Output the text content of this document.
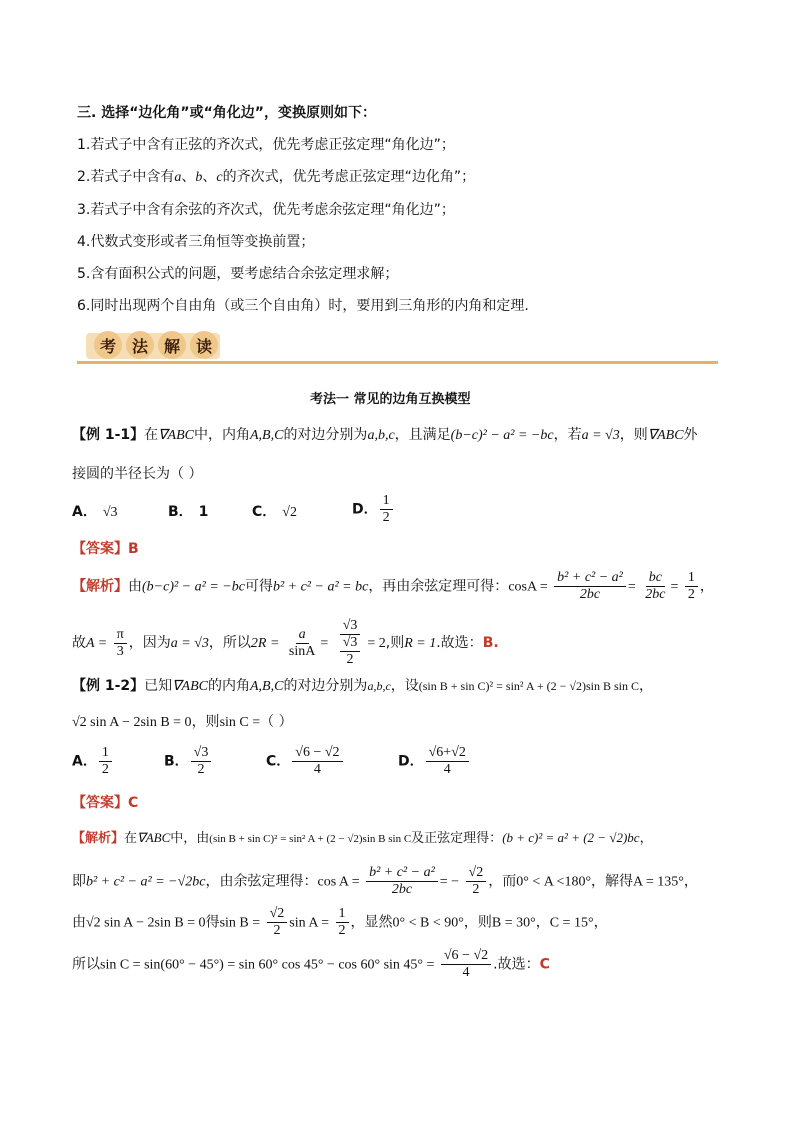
三. 选择“边化角”或“角化边”，变换原则如下：
1.若式子中含有正弦的齐次式，优先考虑正弦定理“角化边”；
2.若式子中含有a、b、c的齐次式，优先考虑正弦定理“边化角”；
3.若式子中含有余弦的齐次式，优先考虑余弦定理“角化边”；
4.代数式变形或者三角恒等变换前置；
5.含有面积公式的问题，要考虑结合余弦定理求解；
6.同时出现两个自由角（或三个自由角）时，要用到三角形的内角和定理.
考 法 解 读
考法一 常见的边角互换模型
【例 1-1】在∇ABC中，内角A,B,C的对边分别为a,b,c，且满足(b−c)² − a² = −bc，若a = √3，则∇ABC外
接圆的半径长为（ ）
A． √3	B． 1	C． √2	D． $\frac{1}{2}$
【答案】B
【解析】由(b−c)² − a² = −bc可得b² + c² − a² = bc，再由余弦定理可得：$\cos A = \frac{\text{b² + c² − a²}}{2bc} = \frac{bc}{2bc} = \frac{1}{2}$ ，
故$A = \frac{\pi}{3}$ ，因为a = √3，所以$2R = \frac{a}{\sin A} = \frac{√3}{\frac{√3}{2}} = 2$,则R = 1.故选：B.
【例 1-2】已知∇ABC的内角A,B,C的对边分别为a,b,c，设(sin B + sin C)² = sin² A + (2 − √2)sin B sin C，
√2 sin A − 2sin B = 0，则sin C =（ ）
A． $\frac{1}{2}$	B． $\frac{√3}{2}$	C． $\frac{√6 - √2}{4}$	D． $\frac{√6+√2}{4}$
【答案】C
【解析】在∇ABC中，由(sin B + sin C)² = sin² A + (2 − √2)sin B sin C及正弦定理得：(b + c)² = a² + (2 − √2)bc，
即b² + c² − a² = −√2bc，由余弦定理得：$\cos A = \frac{\text{b² + c² − a²}}{2bc}$ = − $\frac{√2}{2}$ ，而0° < A <180°，解得A = 135°，
由√2 sin A − 2sin B = 0得$\sin B = \frac{√2}{2}$ $\sin A = \frac{1}{2}$ ，显然0° < B < 90°，则B = 30°，C = 15°，
所以sin C = sin(60° − 45°) = sin 60° cos 45° − cos 60° $\sin 45^\circ = \frac{√6 - √2}{4}$ .故选：C
